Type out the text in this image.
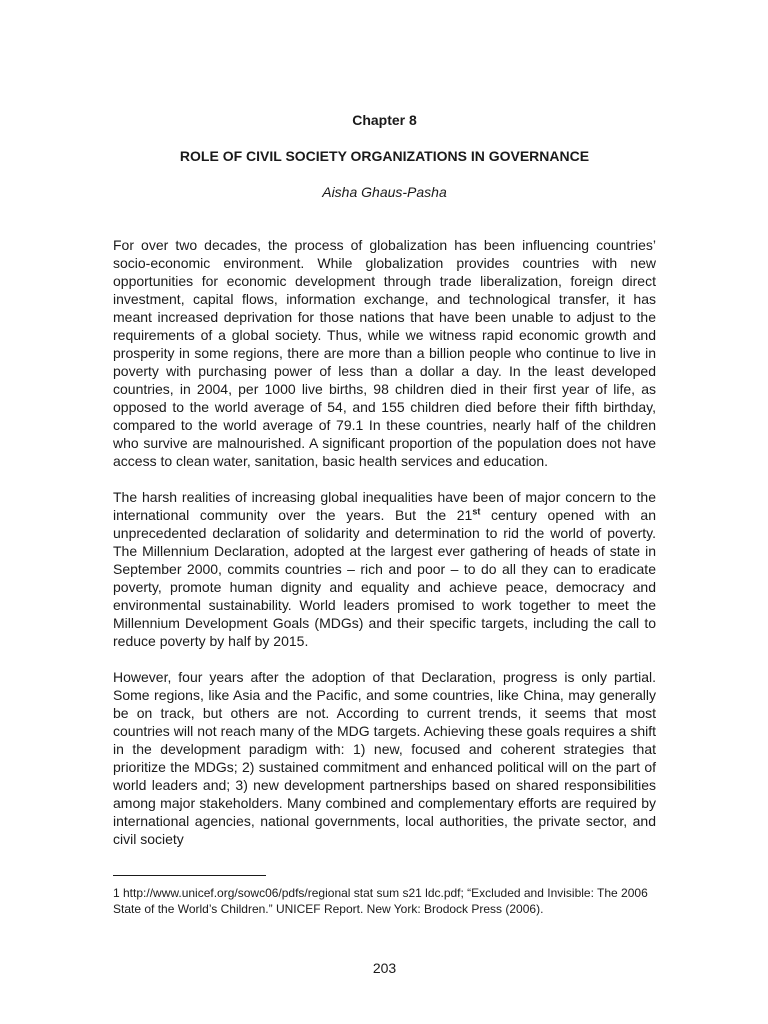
Chapter 8
ROLE OF CIVIL SOCIETY ORGANIZATIONS IN GOVERNANCE
Aisha Ghaus-Pasha

For over two decades, the process of globalization has been influencing countries’ socio-economic environment. While globalization provides countries with new opportunities for economic development through trade liberalization, foreign direct investment, capital flows, information exchange, and technological transfer, it has meant increased deprivation for those nations that have been unable to adjust to the requirements of a global society. Thus, while we witness rapid economic growth and prosperity in some regions, there are more than a billion people who continue to live in poverty with purchasing power of less than a dollar a day. In the least developed countries, in 2004, per 1000 live births, 98 children died in their first year of life, as opposed to the world average of 54, and 155 children died before their fifth birthday, compared to the world average of 79.1 In these countries, nearly half of the children who survive are malnourished. A significant proportion of the population does not have access to clean water, sanitation, basic health services and education.

The harsh realities of increasing global inequalities have been of major concern to the international community over the years. But the 21st century opened with an unprecedented declaration of solidarity and determination to rid the world of poverty. The Millennium Declaration, adopted at the largest ever gathering of heads of state in September 2000, commits countries – rich and poor – to do all they can to eradicate poverty, promote human dignity and equality and achieve peace, democracy and environmental sustainability. World leaders promised to work together to meet the Millennium Development Goals (MDGs) and their specific targets, including the call to reduce poverty by half by 2015.

However, four years after the adoption of that Declaration, progress is only partial. Some regions, like Asia and the Pacific, and some countries, like China, may generally be on track, but others are not. According to current trends, it seems that most countries will not reach many of the MDG targets. Achieving these goals requires a shift in the development paradigm with: 1) new, focused and coherent strategies that prioritize the MDGs; 2) sustained commitment and enhanced political will on the part of world leaders and; 3) new development partnerships based on shared responsibilities among major stakeholders. Many combined and complementary efforts are required by international agencies, national governments, local authorities, the private sector, and civil society

1 http://www.unicef.org/sowc06/pdfs/regional stat sum s21 ldc.pdf; “Excluded and Invisible: The 2006 State of the World’s Children.” UNICEF Report. New York: Brodock Press (2006).
203
